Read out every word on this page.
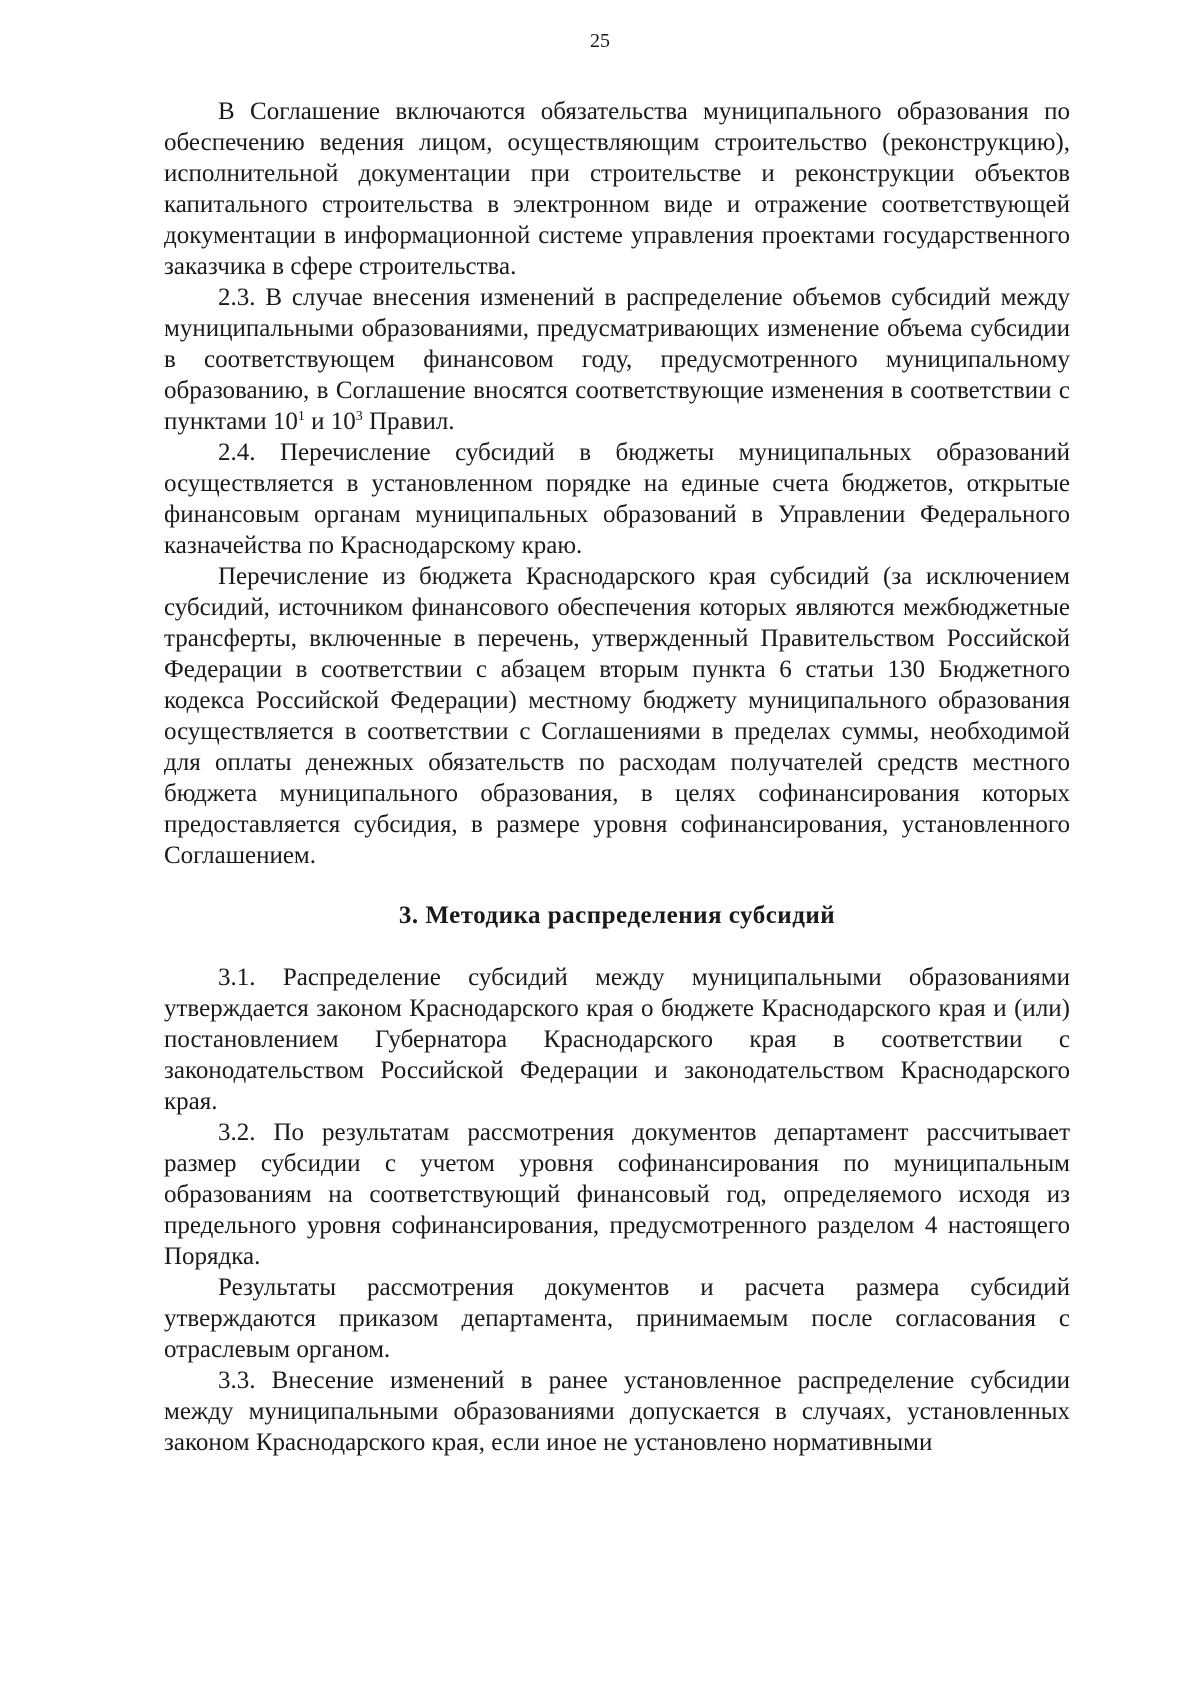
25

В Соглашение включаются обязательства муниципального образования по обеспечению ведения лицом, осуществляющим строительство (реконструкцию), исполнительной документации при строительстве и реконструкции объектов капитального строительства в электронном виде и отражение соответствующей документации в информационной системе управления проектами государственного заказчика в сфере строительства.

2.3. В случае внесения изменений в распределение объемов субсидий между муниципальными образованиями, предусматривающих изменение объема субсидии в соответствующем финансовом году, предусмотренного муниципальному образованию, в Соглашение вносятся соответствующие изменения в соответствии с пунктами $10^1$ и $10^3$ Правил.

2.4. Перечисление субсидий в бюджеты муниципальных образований осуществляется в установленном порядке на единые счета бюджетов, открытые финансовым органам муниципальных образований в Управлении Федерального казначейства по Краснодарскому краю.

Перечисление из бюджета Краснодарского края субсидий (за исключением субсидий, источником финансового обеспечения которых являются межбюджетные трансферты, включенные в перечень, утвержденный Правительством Российской Федерации в соответствии с абзацем вторым пункта 6 статьи 130 Бюджетного кодекса Российской Федерации) местному бюджету муниципального образования осуществляется в соответствии с Соглашениями в пределах суммы, необходимой для оплаты денежных обязательств по расходам получателей средств местного бюджета муниципального образования, в целях софинансирования которых предоставляется субсидия, в размере уровня софинансирования, установленного Соглашением.

3. Методика распределения субсидий

3.1. Распределение субсидий между муниципальными образованиями утверждается законом Краснодарского края о бюджете Краснодарского края и (или) постановлением Губернатора Краснодарского края в соответствии с законодательством Российской Федерации и законодательством Краснодарского края.

3.2. По результатам рассмотрения документов департамент рассчитывает размер субсидии с учетом уровня софинансирования по муниципальным образованиям на соответствующий финансовый год, определяемого исходя из предельного уровня софинансирования, предусмотренного разделом 4 настоящего Порядка.

Результаты рассмотрения документов и расчета размера субсидий утверждаются приказом департамента, принимаемым после согласования с отраслевым органом.

3.3. Внесение изменений в ранее установленное распределение субсидии между муниципальными образованиями допускается в случаях, установленных законом Краснодарского края, если иное не установлено нормативными
